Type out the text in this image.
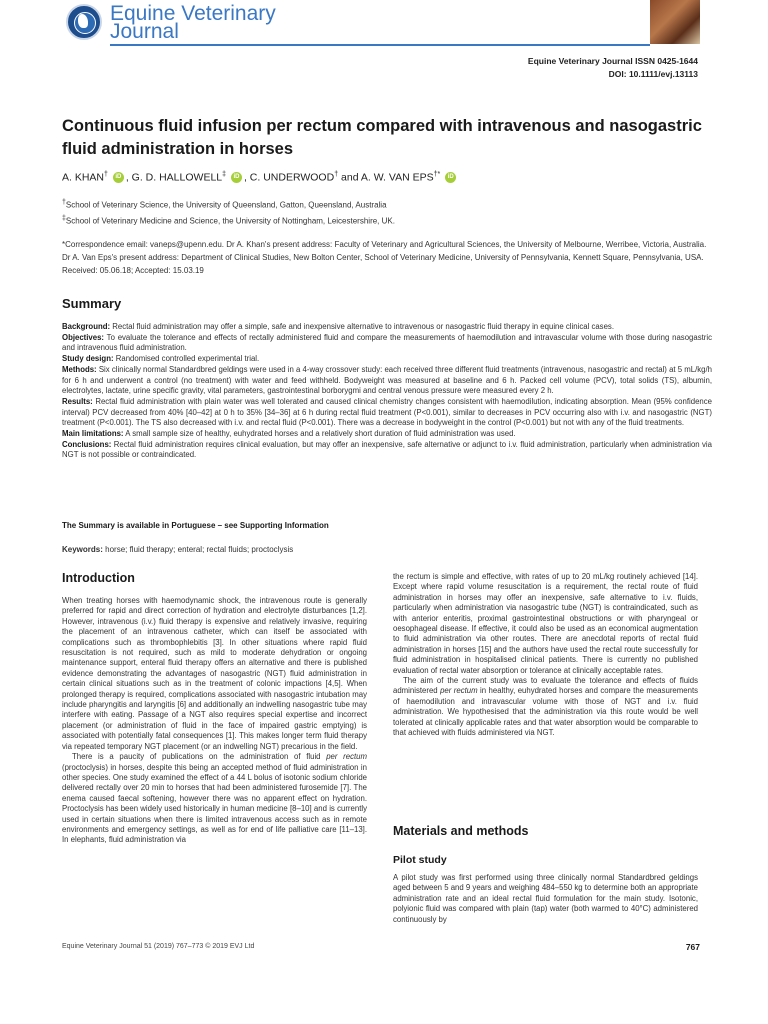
Equine Veterinary
Journal
Equine Veterinary Journal ISSN 0425-1644
DOI: 10.1111/evj.13113
Continuous fluid infusion per rectum compared with intravenous and nasogastric fluid administration in horses
A. KHAN† iD , G. D. HALLOWELL‡ iD , C. UNDERWOOD† and A. W. VAN EPS†* iD
†School of Veterinary Science, the University of Queensland, Gatton, Queensland, Australia
‡School of Veterinary Medicine and Science, the University of Nottingham, Leicestershire, UK.
*Correspondence email: vaneps@upenn.edu. Dr A. Khan's present address: Faculty of Veterinary and Agricultural Sciences, the University of Melbourne, Werribee, Victoria, Australia. Dr A. Van Eps's present address: Department of Clinical Studies, New Bolton Center, School of Veterinary Medicine, University of Pennsylvania, Kennett Square, Pennsylvania, USA. Received: 05.06.18; Accepted: 15.03.19
Summary

Background: Rectal fluid administration may offer a simple, safe and inexpensive alternative to intravenous or nasogastric fluid therapy in equine clinical cases.

Objectives: To evaluate the tolerance and effects of rectally administered fluid and compare the measurements of haemodilution and intravascular volume with those during nasogastric and intravenous fluid administration.

Study design: Randomised controlled experimental trial.

Methods: Six clinically normal Standardbred geldings were used in a 4-way crossover study: each received three different fluid treatments (intravenous, nasogastric and rectal) at 5 mL/kg/h for 6 h and underwent a control (no treatment) with water and feed withheld. Bodyweight was measured at baseline and 6 h. Packed cell volume (PCV), total solids (TS), albumin, electrolytes, lactate, urine specific gravity, vital parameters, gastrointestinal borborygmi and central venous pressure were measured every 2 h.

Results: Rectal fluid administration with plain water was well tolerated and caused clinical chemistry changes consistent with haemodilution, indicating absorption. Mean (95% confidence interval) PCV decreased from 40% [40–42] at 0 h to 35% [34–36] at 6 h during rectal fluid treatment (P<0.001), similar to decreases in PCV occurring also with i.v. and nasogastric (NGT) treatment (P<0.001). The TS also decreased with i.v. and rectal fluid (P<0.001). There was a decrease in bodyweight in the control (P<0.001) but not with any of the fluid treatments.

Main limitations: A small sample size of healthy, euhydrated horses and a relatively short duration of fluid administration was used.

Conclusions: Rectal fluid administration requires clinical evaluation, but may offer an inexpensive, safe alternative or adjunct to i.v. fluid administration, particularly when administration via NGT is not possible or contraindicated.

The Summary is available in Portuguese – see Supporting Information
Keywords: horse; fluid therapy; enteral; rectal fluids; proctoclysis
Introduction

When treating horses with haemodynamic shock, the intravenous route is generally preferred for rapid and direct correction of hydration and electrolyte disturbances [1,2]. However, intravenous (i.v.) fluid therapy is expensive and relatively invasive, requiring the placement of an intravenous catheter, which can itself be associated with complications such as thrombophlebitis [3]. In other situations where rapid fluid resuscitation is not required, such as mild to moderate dehydration or ongoing maintenance support, enteral fluid therapy offers an alternative and there is published evidence demonstrating the advantages of nasogastric (NGT) fluid administration in certain clinical situations such as in the treatment of colonic impactions [4,5]. When prolonged therapy is required, complications associated with nasogastric intubation may include pharyngitis and laryngitis [6] and additionally an indwelling nasogastric tube may interfere with eating. Passage of a NGT also requires special expertise and incorrect placement (or administration of fluid in the face of impaired gastric emptying) is associated with potentially fatal consequences [1]. This makes longer term fluid therapy via repeated temporary NGT placement (or an indwelling NGT) precarious in the field.

There is a paucity of publications on the administration of fluid per rectum (proctoclysis) in horses, despite this being an accepted method of fluid administration in other species. One study examined the effect of a 44 L bolus of isotonic sodium chloride delivered rectally over 20 min to horses that had been administered furosemide [7]. The enema caused faecal softening, however there was no apparent effect on hydration. Proctoclysis has been widely used historically in human medicine [8–10] and is currently used in certain situations when there is limited intravenous access such as in remote environments and emergency settings, as well as for end of life palliative care [11–13]. In elephants, fluid administration via

the rectum is simple and effective, with rates of up to 20 mL/kg routinely achieved [14]. Except where rapid volume resuscitation is a requirement, the rectal route of fluid administration in horses may offer an inexpensive, safe alternative to i.v. fluids, particularly when administration via nasogastric tube (NGT) is contraindicated, such as with anterior enteritis, proximal gastrointestinal obstructions or with pharyngeal or oesophageal disease. If effective, it could also be used as an economical augmentation to fluid administration via other routes. There are anecdotal reports of rectal fluid administration in horses [15] and the authors have used the rectal route successfully for fluid administration in hospitalised clinical patients. There is currently no published evaluation of rectal water absorption or tolerance at clinically acceptable rates.

The aim of the current study was to evaluate the tolerance and effects of fluids administered per rectum in healthy, euhydrated horses and compare the measurements of haemodilution and intravascular volume with those of NGT and i.v. fluid administration. We hypothesised that the administration via this route would be well tolerated at clinically applicable rates and that water absorption would be comparable to that achieved with fluids administered via NGT.

Materials and methods
Pilot study

A pilot study was first performed using three clinically normal Standardbred geldings aged between 5 and 9 years and weighing 484–550 kg to determine both an appropriate administration rate and an ideal rectal fluid formulation for the main study. Isotonic, polyionic fluid was compared with plain (tap) water (both warmed to 40°C) administered continuously by

Equine Veterinary Journal 51 (2019) 767–773 © 2019 EVJ Ltd	767
